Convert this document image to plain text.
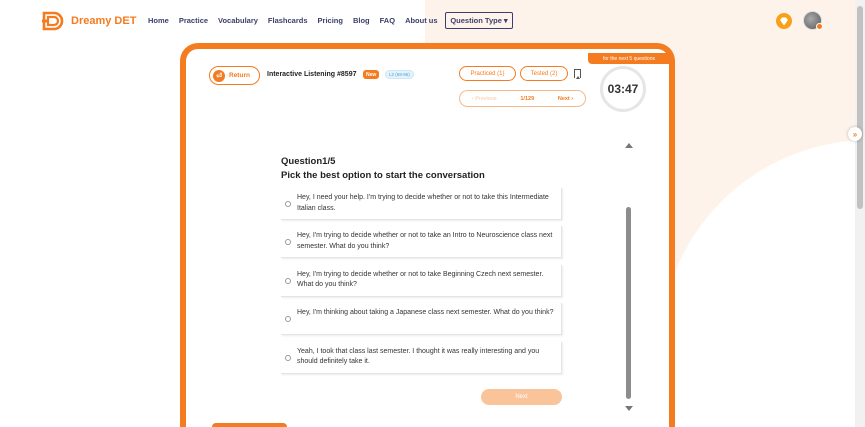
Dreamy DET Home Practice Vocabulary Flashcards Pricing Blog FAQ About us Question Type ▾
»
⏎	Return Interactive Listening #8597	New	L2 (69-95)	Practiced (1)	Tested (2)
‹ Previous	1/129	Next ›
for the next 5 questions
03:47
Question1/5
Pick the best option to start the conversation
Hey, I need your help. I'm trying to decide whether or not to take this Intermediate Italian class.
Hey, I'm trying to decide whether or not to take an Intro to Neuroscience class next semester. What do you think?
Hey, I'm trying to decide whether or not to take Beginning Czech next semester. What do you think?
Hey, I'm thinking about taking a Japanese class next semester. What do you think?
Yeah, I took that class last semester. I thought it was really interesting and you should definitely take it.
Next
